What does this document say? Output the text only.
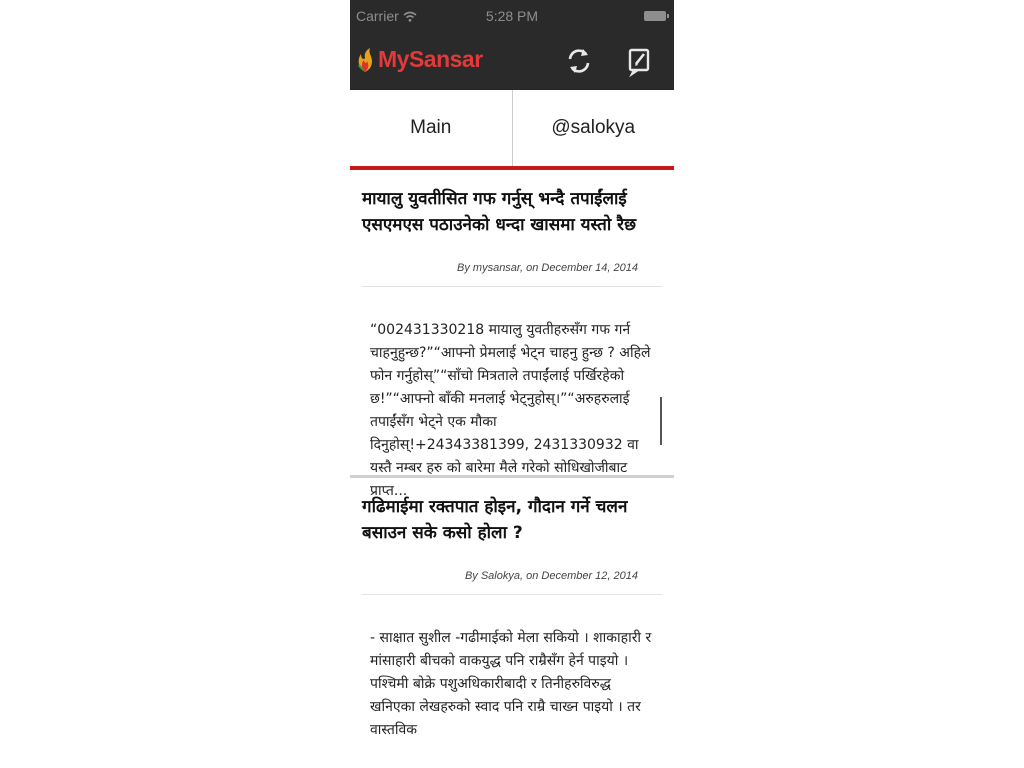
Carrier	5:28 PM
MySansar
Main	@salokya
मायालु युवतीसित गफ गर्नुस् भन्दै तपाईंलाई एसएमएस पठाउनेको धन्दा खासमा यस्तो रैछ
By mysansar, on December 14, 2014
“002431330218 मायालु युवतीहरुसँग गफ गर्न चाहनुहुन्छ?”“आफ्नो प्रेमलाई भेट्न चाहनु हुन्छ ? अहिले फोन गर्नुहोस्”“साँचो मित्रताले तपाईंलाई पर्खिरहेको छ!”“आफ्नो बाँकी मनलाई भेट्नुहोस्।”“अरुहरुलाई तपाईंसँग भेट्ने एक मौका दिनुहोस्!+24343381399, 2431330932 वा यस्तै नम्बर हरु को बारेमा मैले गरेको सोधिखोजीबाट प्राप्त...
गढिमाईमा रक्तपात होइन, गौदान गर्ने चलन बसाउन सके कसो होला ?
By Salokya, on December 12, 2014
- साक्षात सुशील -गढीमाईको मेला सकियो । शाकाहारी र मांसाहारी बीचको वाकयुद्ध पनि राम्रैसँग हेर्न पाइयो । पश्चिमी बोक्रे पशुअधिकारीबादी र तिनीहरुविरुद्ध खनिएका लेखहरुको स्वाद पनि राम्रै चाख्न पाइयो । तर वास्तविक
